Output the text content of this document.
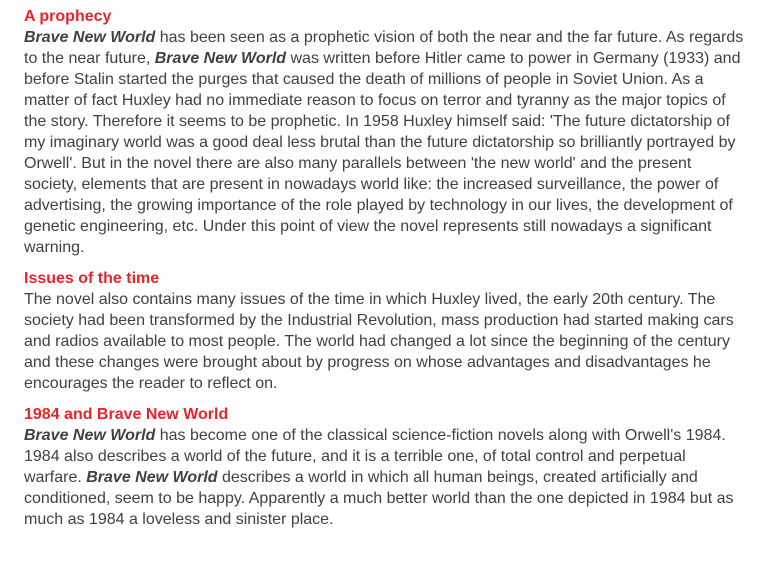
A prophecy

Brave New World has been seen as a prophetic vision of both the near and the far future. As regards to the near future, Brave New World was written before Hitler came to power in Germany (1933) and before Stalin started the purges that caused the death of millions of people in Soviet Union. As a matter of fact Huxley had no immediate reason to focus on terror and tyranny as the major topics of the story. Therefore it seems to be prophetic. In 1958 Huxley himself said: 'The future dictatorship of my imaginary world was a good deal less brutal than the future dictatorship so brilliantly portrayed by Orwell'. But in the novel there are also many parallels between 'the new world' and the present society, elements that are present in nowadays world like: the increased surveillance, the power of advertising, the growing importance of the role played by technology in our lives, the development of genetic engineering, etc. Under this point of view the novel represents still nowadays a significant warning.

Issues of the time

The novel also contains many issues of the time in which Huxley lived, the early 20th century. The society had been transformed by the Industrial Revolution, mass production had started making cars and radios available to most people. The world had changed a lot since the beginning of the century and these changes were brought about by progress on whose advantages and disadvantages he encourages the reader to reflect on.

1984 and Brave New World

Brave New World has become one of the classical science-fiction novels along with Orwell's 1984. 1984 also describes a world of the future, and it is a terrible one, of total control and perpetual warfare. Brave New World describes a world in which all human beings, created artificially and conditioned, seem to be happy. Apparently a much better world than the one depicted in 1984 but as much as 1984 a loveless and sinister place.
